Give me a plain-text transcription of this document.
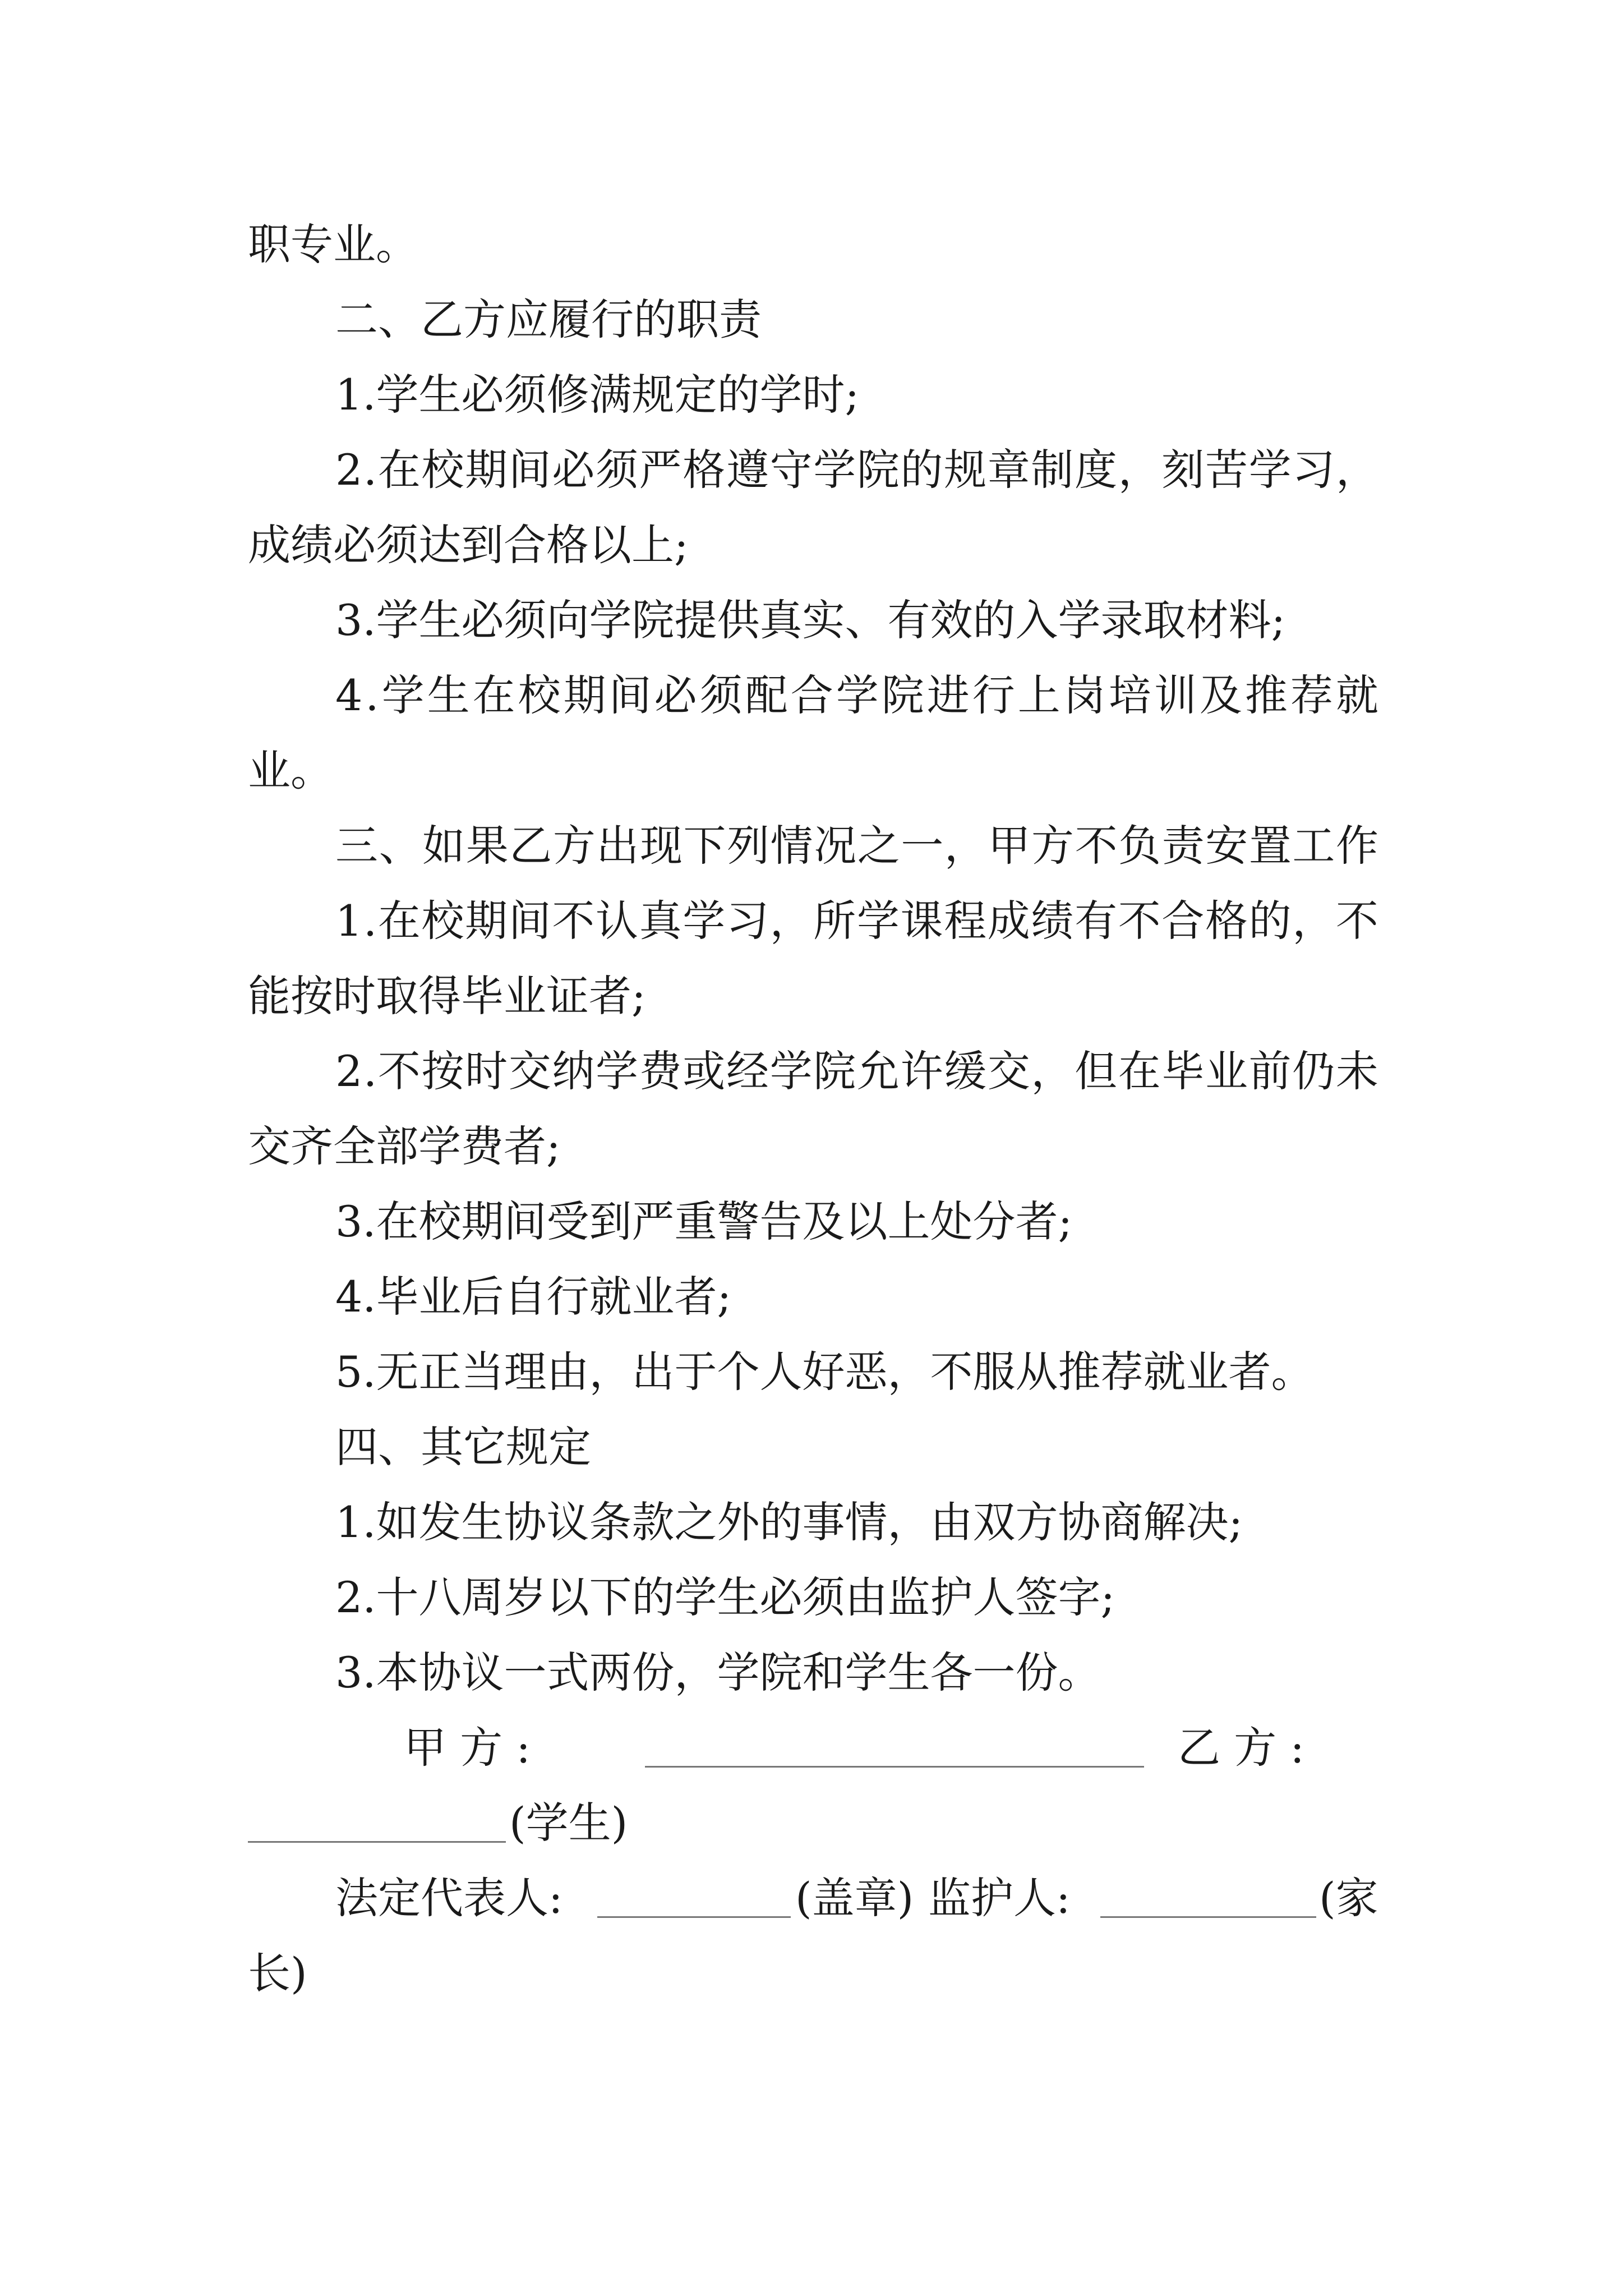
职专业。
二、乙方应履行的职责
1.学生必须修满规定的学时;
2 . 在 校 期 间 必 须 严 格 遵 守 学 院 的 规 章 制 度 ， 刻 苦 学 习 ，
成绩必须达到合格以上;
3.学生必须向学院提供真实、有效的入学录取材料;
4 . 学 生 在 校 期 间 必 须 配 合 学 院 进 行 上 岗 培 训 及 推 荐 就
业。
三 、 如 果 乙 方 出 现 下 列 情 况 之 一 ， 甲 方 不 负 责 安 置 工 作
1 . 在 校 期 间 不 认 真 学 习 ， 所 学 课 程 成 绩 有 不 合 格 的 ， 不
能按时取得毕业证者;
2 . 不 按 时 交 纳 学 费 或 经 学 院 允 许 缓 交 ， 但 在 毕 业 前 仍 未
交齐全部学费者;
3.在校期间受到严重警告及以上处分者;
4.毕业后自行就业者;
5.无正当理由，出于个人好恶，不服从推荐就业者。
四、其它规定
1.如发生协议条款之外的事情，由双方协商解决;
2.十八周岁以下的学生必须由监护人签字;
3.本协议一式两份，学院和学生各一份。
甲 方 :	乙 方 :
(学生)
法定代表人:	(盖章) 监护人:	(家
长)
